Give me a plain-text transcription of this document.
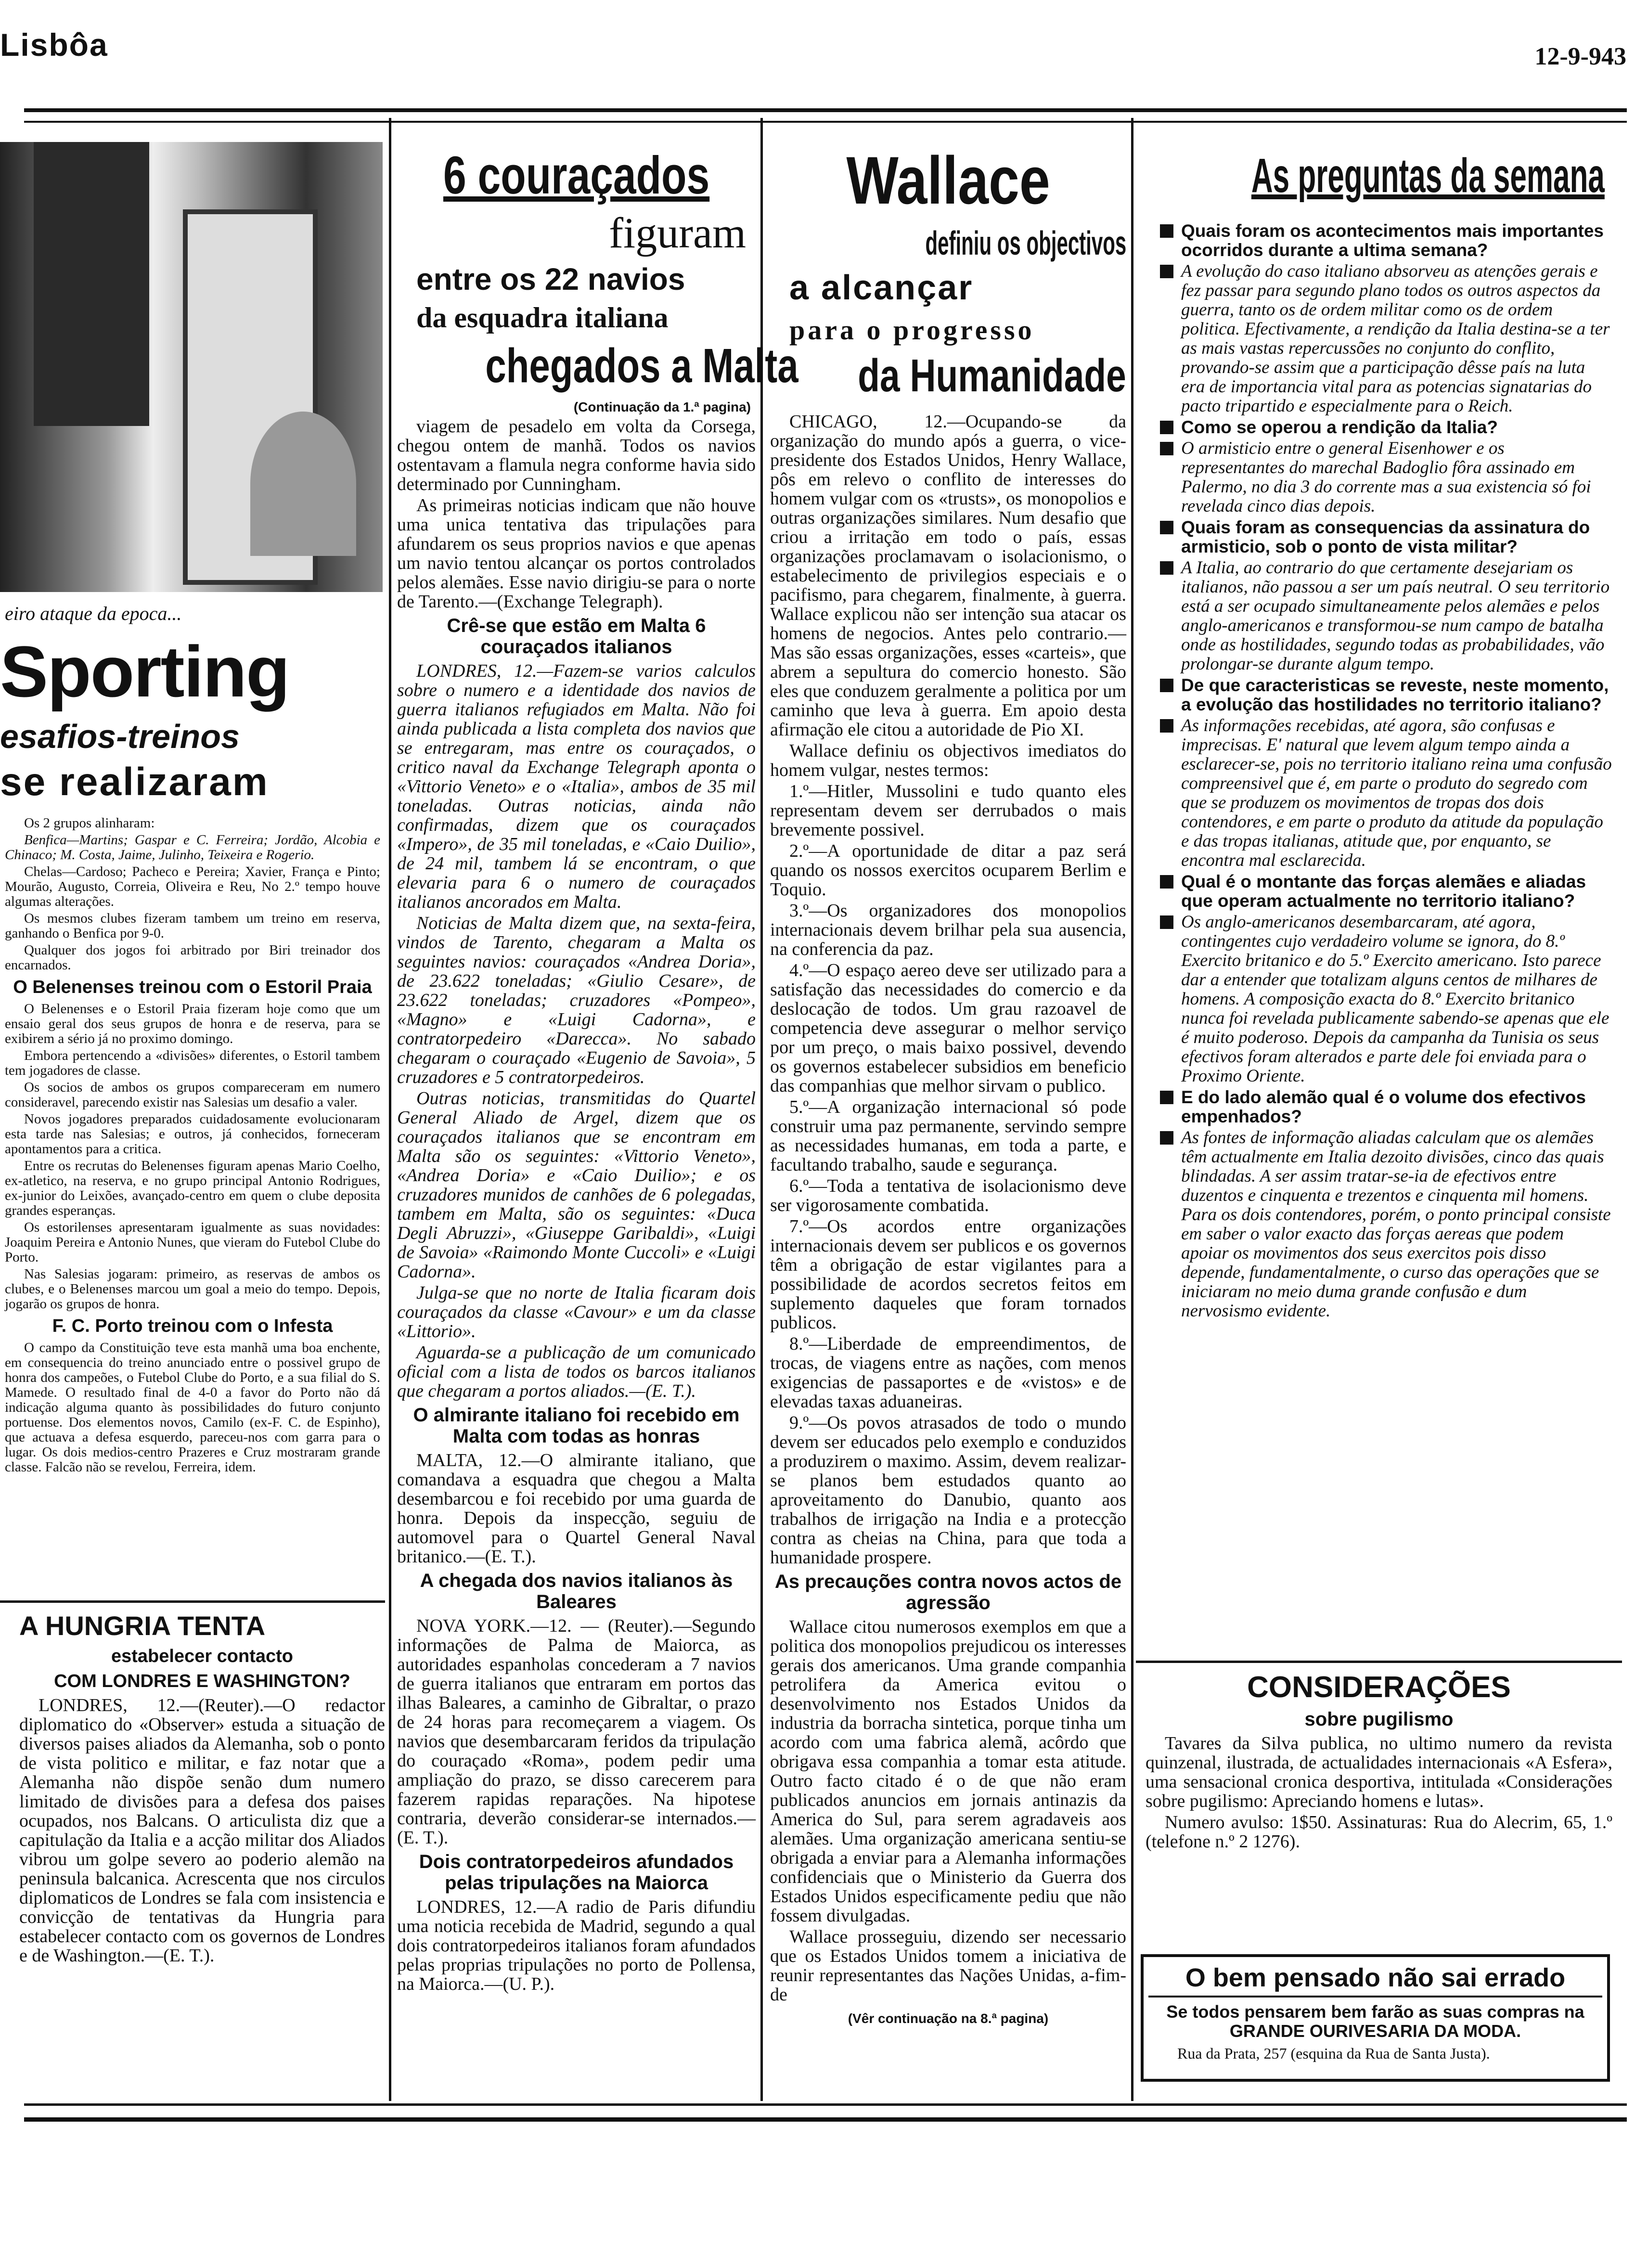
Lisbôa	12-9-943
eiro ataque da epoca...
Sporting
esafios-treinos
se realizaram

Os 2 grupos alinharam:

Benfica—Martins; Gaspar e C. Ferreira; Jordão, Alcobia e Chinaco; M. Costa, Jaime, Julinho, Teixeira e Rogerio.

Chelas—Cardoso; Pacheco e Pereira; Xavier, França e Pinto; Mourão, Augusto, Correia, Oliveira e Reu, No 2.º tempo houve algumas alterações.

Os mesmos clubes fizeram tambem um treino em reserva, ganhando o Benfica por 9-0.

Qualquer dos jogos foi arbitrado por Biri treinador dos encarnados.

O Belenenses treinou com o Estoril Praia

O Belenenses e o Estoril Praia fizeram hoje como que um ensaio geral dos seus grupos de honra e de reserva, para se exibirem a sério já no proximo domingo.

Embora pertencendo a «divisões» diferentes, o Estoril tambem tem jogadores de classe.

Os socios de ambos os grupos compareceram em numero consideravel, parecendo existir nas Salesias um desafio a valer.

Novos jogadores preparados cuidadosamente evolucionaram esta tarde nas Salesias; e outros, já conhecidos, forneceram apontamentos para a critica.

Entre os recrutas do Belenenses figuram apenas Mario Coelho, ex-atletico, na reserva, e no grupo principal Antonio Rodrigues, ex-junior do Leixões, avançado-centro em quem o clube deposita grandes esperanças.

Os estorilenses apresentaram igualmente as suas novidades: Joaquim Pereira e Antonio Nunes, que vieram do Futebol Clube do Porto.

Nas Salesias jogaram: primeiro, as reservas de ambos os clubes, e o Belenenses marcou um goal a meio do tempo. Depois, jogarão os grupos de honra.

F. C. Porto treinou com o Infesta

O campo da Constituição teve esta manhã uma boa enchente, em consequencia do treino anunciado entre o possivel grupo de honra dos campeões, o Futebol Clube do Porto, e a sua filial do S. Mamede. O resultado final de 4-0 a favor do Porto não dá indicação alguma quanto às possibilidades do futuro conjunto portuense. Dos elementos novos, Camilo (ex-F. C. de Espinho), que actuava a defesa esquerdo, pareceu-nos com garra para o lugar. Os dois medios-centro Prazeres e Cruz mostraram grande classe. Falcão não se revelou, Ferreira, idem.

A HUNGRIA TENTA
estabelecer contacto
COM LONDRES E WASHINGTON?

LONDRES, 12.—(Reuter).—O redactor diplomatico do «Observer» estuda a situação de diversos paises aliados da Alemanha, sob o ponto de vista politico e militar, e faz notar que a Alemanha não dispõe senão dum numero limitado de divisões para a defesa dos paises ocupados, nos Balcans. O articulista diz que a capitulação da Italia e a acção militar dos Aliados vibrou um golpe severo ao poderio alemão na peninsula balcanica. Acrescenta que nos circulos diplomaticos de Londres se fala com insistencia e convicção de tentativas da Hungria para estabelecer contacto com os governos de Londres e de Washington.—(E. T.).

6 couraçados
figuram
entre os 22 navios
da esquadra italiana
chegados a Malta
(Continuação da 1.ª pagina)

viagem de pesadelo em volta da Corsega, chegou ontem de manhã. Todos os navios ostentavam a flamula negra conforme havia sido determinado por Cunningham.

As primeiras noticias indicam que não houve uma unica tentativa das tripulações para afundarem os seus proprios navios e que apenas um navio tentou alcançar os portos controlados pelos alemães. Esse navio dirigiu-se para o norte de Tarento.—(Exchange Telegraph).

Crê-se que estão em Malta 6 couraçados italianos

LONDRES, 12.—Fazem-se varios calculos sobre o numero e a identidade dos navios de guerra italianos refugiados em Malta. Não foi ainda publicada a lista completa dos navios que se entregaram, mas entre os couraçados, o critico naval da Exchange Telegraph aponta o «Vittorio Veneto» e o «Italia», ambos de 35 mil toneladas. Outras noticias, ainda não confirmadas, dizem que os couraçados «Impero», de 35 mil toneladas, e «Caio Duilio», de 24 mil, tambem lá se encontram, o que elevaria para 6 o numero de couraçados italianos ancorados em Malta.

Noticias de Malta dizem que, na sexta-feira, vindos de Tarento, chegaram a Malta os seguintes navios: couraçados «Andrea Doria», de 23.622 toneladas; «Giulio Cesare», de 23.622 toneladas; cruzadores «Pompeo», «Magno» e «Luigi Cadorna», e contratorpedeiro «Darecca». No sabado chegaram o couraçado «Eugenio de Savoia», 5 cruzadores e 5 contratorpedeiros.

Outras noticias, transmitidas do Quartel General Aliado de Argel, dizem que os couraçados italianos que se encontram em Malta são os seguintes: «Vittorio Veneto», «Andrea Doria» e «Caio Duilio»; e os cruzadores munidos de canhões de 6 polegadas, tambem em Malta, são os seguintes: «Duca Degli Abruzzi», «Giuseppe Garibaldi», «Luigi de Savoia» «Raimondo Monte Cuccoli» e «Luigi Cadorna».

Julga-se que no norte de Italia ficaram dois couraçados da classe «Cavour» e um da classe «Littorio».

Aguarda-se a publicação de um comunicado oficial com a lista de todos os barcos italianos que chegaram a portos aliados.—(E. T.).

O almirante italiano foi recebido em Malta com todas as honras

MALTA, 12.—O almirante italiano, que comandava a esquadra que chegou a Malta desembarcou e foi recebido por uma guarda de honra. Depois da inspecção, seguiu de automovel para o Quartel General Naval britanico.—(E. T.).

A chegada dos navios italianos às Baleares

NOVA YORK.—12. — (Reuter).—Segundo informações de Palma de Maiorca, as autoridades espanholas concederam a 7 navios de guerra italianos que entraram em portos das ilhas Baleares, a caminho de Gibraltar, o prazo de 24 horas para recomeçarem a viagem. Os navios que desembarcaram feridos da tripulação do couraçado «Roma», podem pedir uma ampliação do prazo, se disso carecerem para fazerem rapidas reparações. Na hipotese contraria, deverão considerar-se internados.—(E. T.).

Dois contratorpedeiros afundados pelas tripulações na Maiorca

LONDRES, 12.—A radio de Paris difundiu uma noticia recebida de Madrid, segundo a qual dois contratorpedeiros italianos foram afundados pelas proprias tripulações no porto de Pollensa, na Maiorca.—(U. P.).

Wallace
definiu os objectivos
a alcançar
para o progresso
da Humanidade

CHICAGO, 12.—Ocupando-se da organização do mundo após a guerra, o vice-presidente dos Estados Unidos, Henry Wallace, pôs em relevo o conflito de interesses do homem vulgar com os «trusts», os monopolios e outras organizações similares. Num desafio que criou a irritação em todo o país, essas organizações proclamavam o isolacionismo, o estabelecimento de privilegios especiais e o pacifismo, para chegarem, finalmente, à guerra. Wallace explicou não ser intenção sua atacar os homens de negocios. Antes pelo contrario.—Mas são essas organizações, esses «carteis», que abrem a sepultura do comercio honesto. São eles que conduzem geralmente a politica por um caminho que leva à guerra. Em apoio desta afirmação ele citou a autoridade de Pio XI.

Wallace definiu os objectivos imediatos do homem vulgar, nestes termos:

1.º—Hitler, Mussolini e tudo quanto eles representam devem ser derrubados o mais brevemente possivel.

2.º—A oportunidade de ditar a paz será quando os nossos exercitos ocuparem Berlim e Toquio.

3.º—Os organizadores dos monopolios internacionais devem brilhar pela sua ausencia, na conferencia da paz.

4.º—O espaço aereo deve ser utilizado para a satisfação das necessidades do comercio e da deslocação de todos. Um grau razoavel de competencia deve assegurar o melhor serviço por um preço, o mais baixo possivel, devendo os governos estabelecer subsidios em beneficio das companhias que melhor sirvam o publico.

5.º—A organização internacional só pode construir uma paz permanente, servindo sempre as necessidades humanas, em toda a parte, e facultando trabalho, saude e segurança.

6.º—Toda a tentativa de isolacionismo deve ser vigorosamente combatida.

7.º—Os acordos entre organizações internacionais devem ser publicos e os governos têm a obrigação de estar vigilantes para a possibilidade de acordos secretos feitos em suplemento daqueles que foram tornados publicos.

8.º—Liberdade de empreendimentos, de trocas, de viagens entre as nações, com menos exigencias de passaportes e de «vistos» e de elevadas taxas aduaneiras.

9.º—Os povos atrasados de todo o mundo devem ser educados pelo exemplo e conduzidos a produzirem o maximo. Assim, devem realizar-se planos bem estudados quanto ao aproveitamento do Danubio, quanto aos trabalhos de irrigação na India e a protecção contra as cheias na China, para que toda a humanidade prospere.

As precauções contra novos actos de agressão

Wallace citou numerosos exemplos em que a politica dos monopolios prejudicou os interesses gerais dos americanos. Uma grande companhia petrolifera da America evitou o desenvolvimento nos Estados Unidos da industria da borracha sintetica, porque tinha um acordo com uma fabrica alemã, acôrdo que obrigava essa companhia a tomar esta atitude. Outro facto citado é o de que não eram publicados anuncios em jornais antinazis da America do Sul, para serem agradaveis aos alemães. Uma organização americana sentiu-se obrigada a enviar para a Alemanha informações confidenciais que o Ministerio da Guerra dos Estados Unidos especificamente pediu que não fossem divulgadas.

Wallace prosseguiu, dizendo ser necessario que os Estados Unidos tomem a iniciativa de reunir representantes das Nações Unidas, a-fim-de

(Vêr continuação na 8.ª pagina)
As preguntas da semana
Quais foram os acontecimentos mais importantes ocorridos durante a ultima semana?
A evolução do caso italiano absorveu as atenções gerais e fez passar para segundo plano todos os outros aspectos da guerra, tanto os de ordem militar como os de ordem politica. Efectivamente, a rendição da Italia destina-se a ter as mais vastas repercussões no conjunto do conflito, provando-se assim que a participação dêsse país na luta era de importancia vital para as potencias signatarias do pacto tripartido e especialmente para o Reich.
Como se operou a rendição da Italia?
O armisticio entre o general Eisenhower e os representantes do marechal Badoglio fôra assinado em Palermo, no dia 3 do corrente mas a sua existencia só foi revelada cinco dias depois.
Quais foram as consequencias da assinatura do armisticio, sob o ponto de vista militar?
A Italia, ao contrario do que certamente desejariam os italianos, não passou a ser um país neutral. O seu territorio está a ser ocupado simultaneamente pelos alemães e pelos anglo-americanos e transformou-se num campo de batalha onde as hostilidades, segundo todas as probabilidades, vão prolongar-se durante algum tempo.
De que caracteristicas se reveste, neste momento, a evolução das hostilidades no territorio italiano?
As informações recebidas, até agora, são confusas e imprecisas. E' natural que levem algum tempo ainda a esclarecer-se, pois no territorio italiano reina uma confusão compreensivel que é, em parte o produto do segredo com que se produzem os movimentos de tropas dos dois contendores, e em parte o produto da atitude da população e das tropas italianas, atitude que, por enquanto, se encontra mal esclarecida.
Qual é o montante das forças alemães e aliadas que operam actualmente no territorio italiano?
Os anglo-americanos desembarcaram, até agora, contingentes cujo verdadeiro volume se ignora, do 8.º Exercito britanico e do 5.º Exercito americano. Isto parece dar a entender que totalizam alguns centos de milhares de homens. A composição exacta do 8.º Exercito britanico nunca foi revelada publicamente sabendo-se apenas que ele é muito poderoso. Depois da campanha da Tunisia os seus efectivos foram alterados e parte dele foi enviada para o Proximo Oriente.
E do lado alemão qual é o volume dos efectivos empenhados?
As fontes de informação aliadas calculam que os alemães têm actualmente em Italia dezoito divisões, cinco das quais blindadas. A ser assim tratar-se-ia de efectivos entre duzentos e cinquenta e trezentos e cinquenta mil homens. Para os dois contendores, porém, o ponto principal consiste em saber o valor exacto das forças aereas que podem apoiar os movimentos dos seus exercitos pois disso depende, fundamentalmente, o curso das operações que se iniciaram no meio duma grande confusão e dum nervosismo evidente.
CONSIDERAÇÕES
sobre pugilismo

Tavares da Silva publica, no ultimo numero da revista quinzenal, ilustrada, de actualidades internacionais «A Esfera», uma sensacional cronica desportiva, intitulada «Considerações sobre pugilismo: Apreciando homens e lutas».

Numero avulso: 1$50. Assinaturas: Rua do Alecrim, 65, 1.º (telefone n.º 2 1276).

O bem pensado não sai errado
Se todos pensarem bem farão as suas compras na GRANDE OURIVESARIA DA MODA.
Rua da Prata, 257 (esquina da Rua de Santa Justa).
